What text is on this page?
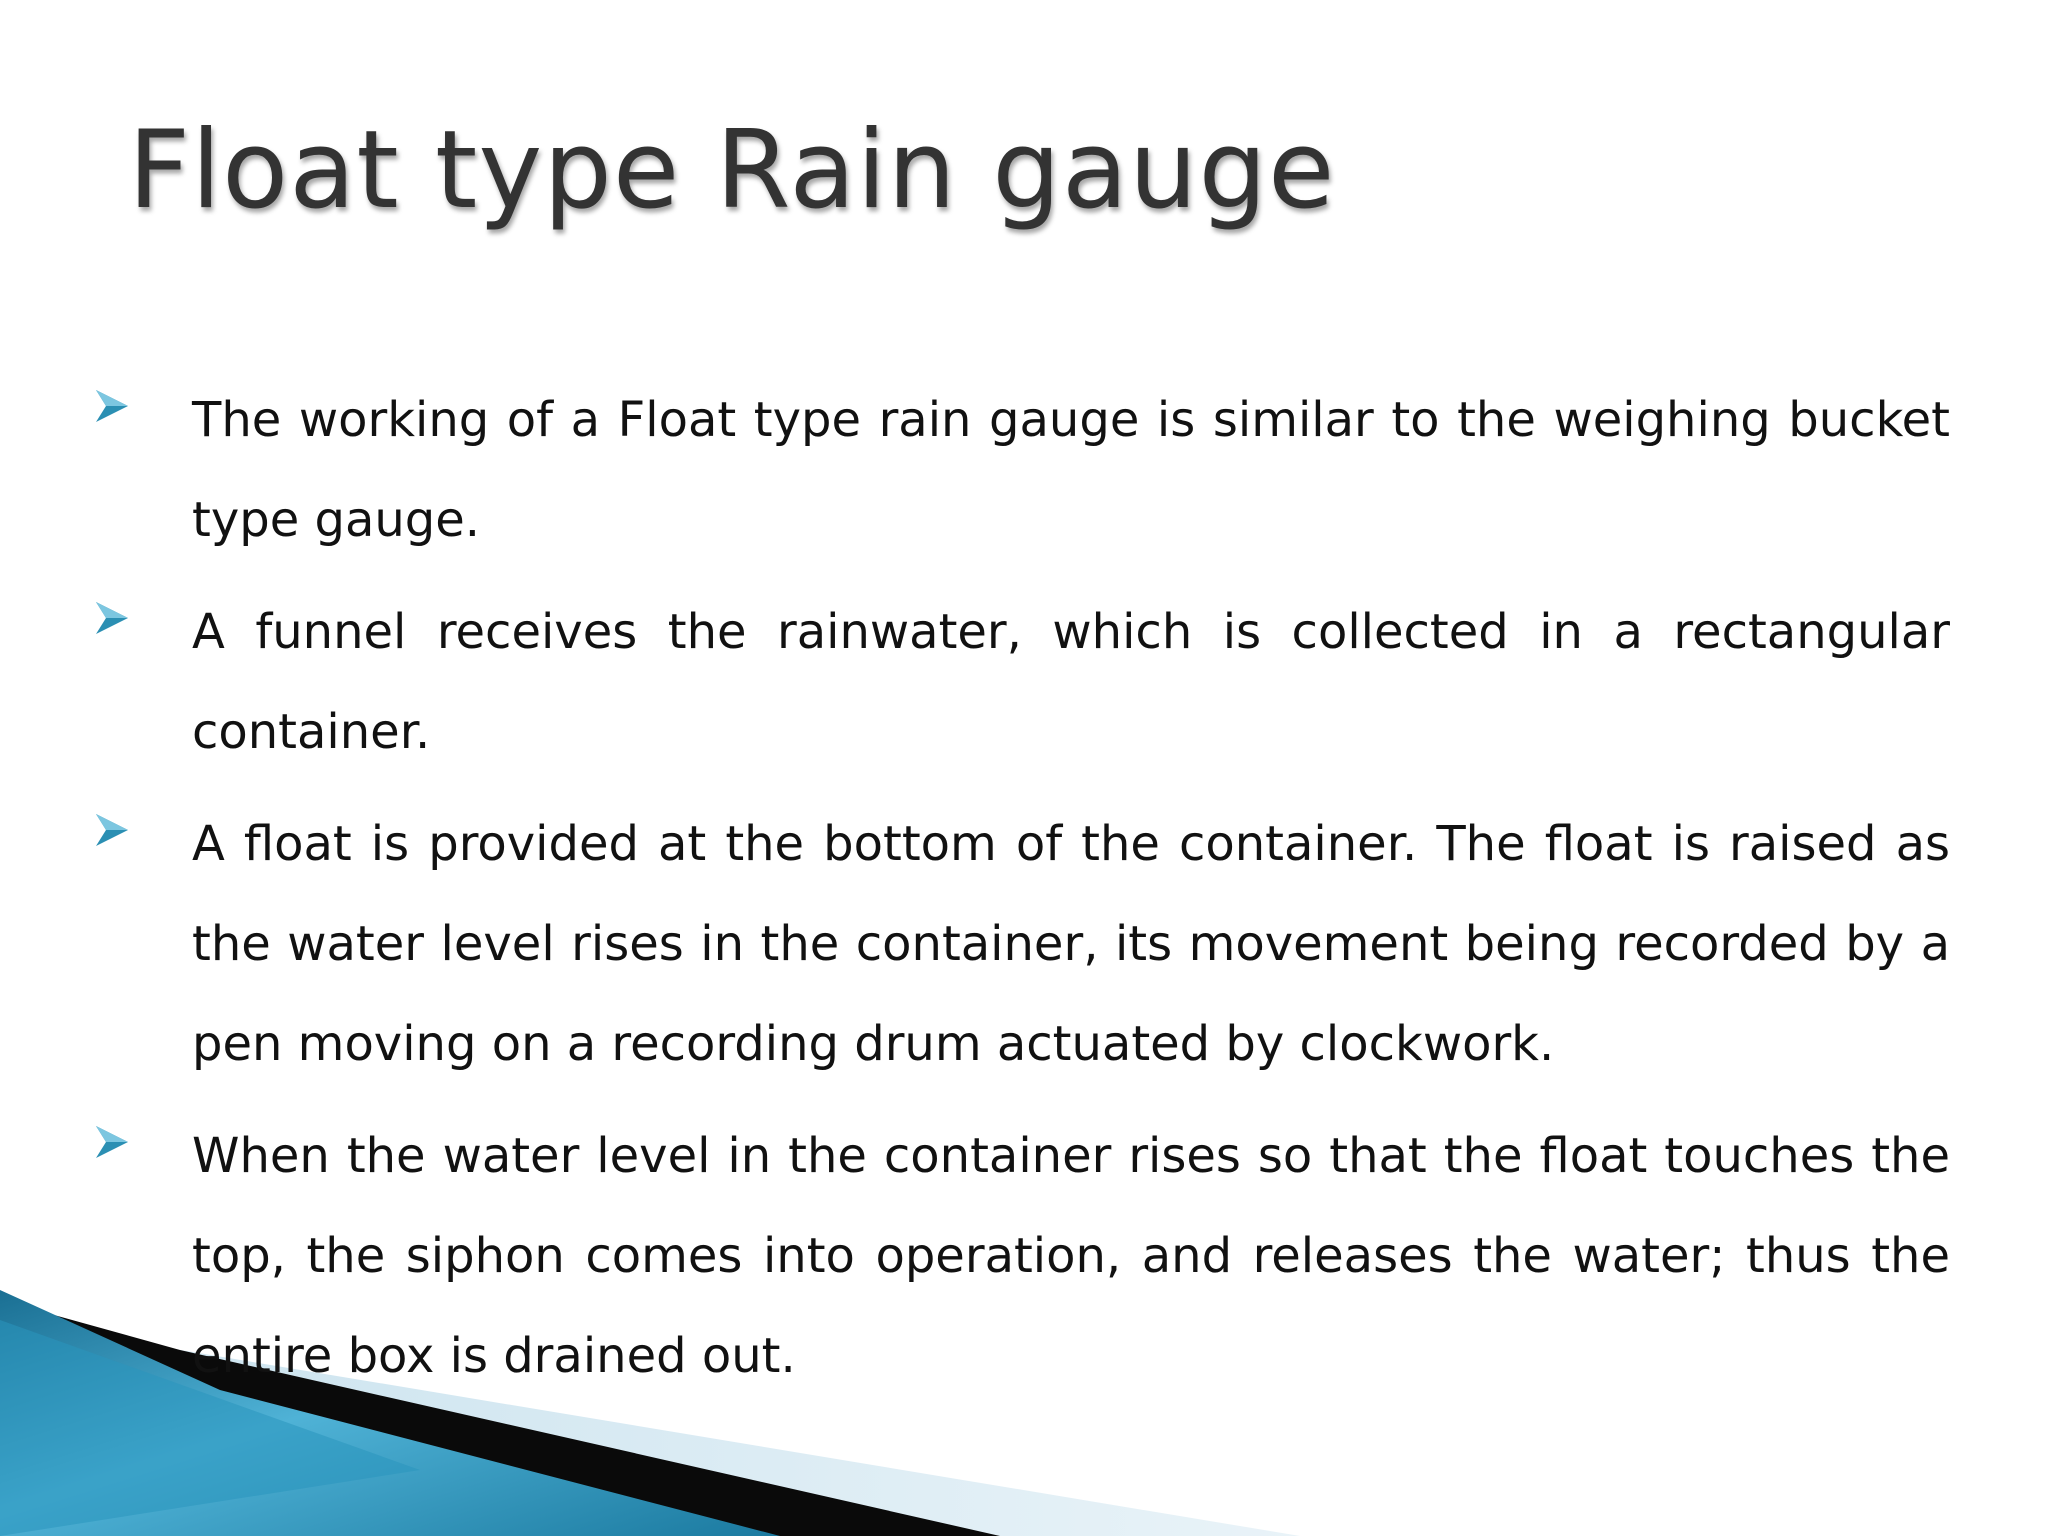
Float type Rain gauge

The working of a Float type rain gauge is similar to the weighing bucket type gauge.

A funnel receives the rainwater, which is collected in a rectangular container.

A float is provided at the bottom of the container. The float is raised as the water level rises in the container, its movement being recorded by a pen moving on a recording drum actuated by clockwork.

When the water level in the container rises so that the float touches the top, the siphon comes into operation, and releases the water; thus the entire box is drained out.
